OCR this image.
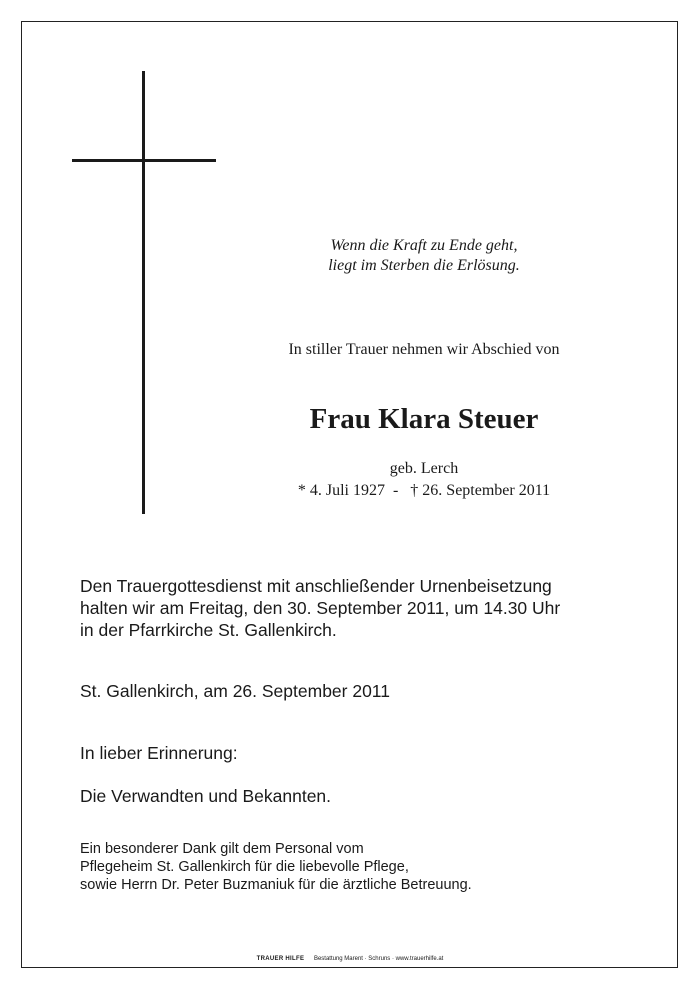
Wenn die Kraft zu Ende geht,
liegt im Sterben die Erlösung.
In stiller Trauer nehmen wir Abschied von
Frau Klara Steuer
geb. Lerch
* 4. Juli 1927  -   † 26. September 2011
Den Trauergottesdienst mit anschließender Urnenbeisetzung
halten wir am Freitag, den 30. September 2011, um 14.30 Uhr
in der Pfarrkirche St. Gallenkirch.
St. Gallenkirch, am 26. September 2011
In lieber Erinnerung:
Die Verwandten und Bekannten.
Ein besonderer Dank gilt dem Personal vom
Pflegeheim St. Gallenkirch für die liebevolle Pflege,
sowie Herrn Dr. Peter Buzmaniuk für die ärztliche Betreuung.
TRAUER HILFE Bestattung Marent · Schruns · www.trauerhilfe.at
